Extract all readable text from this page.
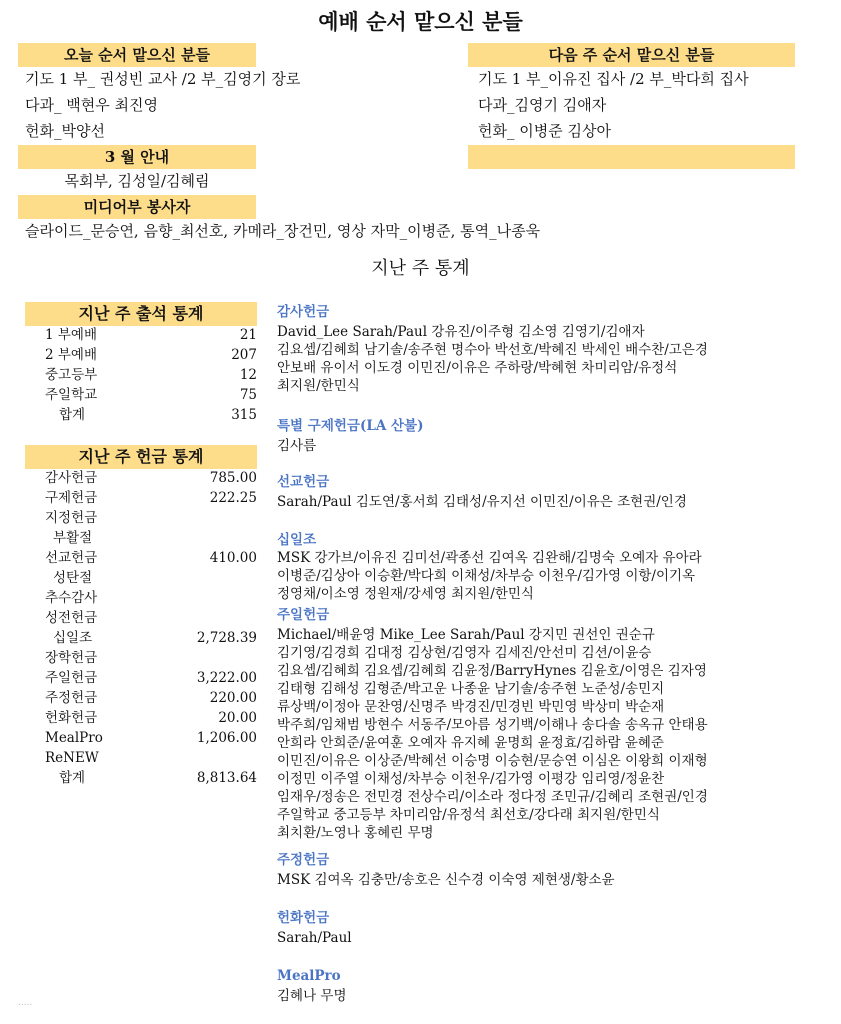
예배 순서 맡으신 분들
오늘 순서 맡으신 분들
기도 1 부_ 권성빈 교사 /2 부_김영기 장로
다과_ 백현우 최진영
헌화_박양선
다음 주 순서 맡으신 분들
기도 1 부_이유진 집사 /2 부_박다희 집사
다과_김영기 김애자
헌화_ 이병준 김상아
3 월 안내
목회부, 김성일/김혜림
미디어부 봉사자
슬라이드_문승연, 음향_최선호, 카메라_장건민, 영상 자막_이병준, 통역_나종욱
지난 주 통계
지난 주 출석 통계
1 부예배	21
2 부예배	207
중고등부	12
주일학교	75
합계	315
지난 주 헌금 통계
감사헌금	785.00
구제헌금	222.25
지정헌금
부활절
선교헌금	410.00
성탄절
추수감사
성전헌금
십일조	2,728.39
장학헌금
주일헌금	3,222.00
주정헌금	220.00
헌화헌금	20.00
MealPro	1,206.00
ReNEW
합계	8,813.64
감사헌금
David_Lee Sarah/Paul 강유진/이주형 김소영 김영기/김애자
김요셉/김혜희 남기솔/송주현 명수아 박선호/박혜진 박세인 배수찬/고은경
안보배 유이서 이도경 이민진/이유은 주하랑/박혜현 차미리암/유정석
최지원/한민식
특별 구제헌금(LA 산불)
김사름
선교헌금
Sarah/Paul 김도연/홍서희 김태성/유지선 이민진/이유은 조현권/인경
십일조
MSK 강가브/이유진 김미선/곽종선 김여옥 김완해/김명숙 오예자 유아라
이병준/김상아 이승환/박다희 이채성/차부승 이천우/김가영 이항/이기옥
정영채/이소영 정원재/강세영 최지원/한민식
주일헌금
Michael/배윤영 Mike_Lee Sarah/Paul 강지민 권선인 권순규
김기영/김경희 김대정 김상현/김영자 김세진/안선미 김션/이윤승
김요셉/김혜희 김요셉/김혜희 김윤정/BarryHynes 김윤호/이영은 김자영
김태형 김해성 김형준/박고운 나종윤 남기솔/송주현 노준성/송민지
류상백/이정아 문찬영/신명주 박경진/민경빈 박민영 박상미 박순재
박주희/임채범 방현수 서동주/모아름 성기백/이해나 송다솔 송옥규 안태용
안희라 안희준/윤여훈 오예자 유지혜 윤명희 윤정효/김하람 윤혜준
이민진/이유은 이상준/박혜선 이승명 이승현/문승연 이심온 이왕희 이재형
이정민 이주열 이채성/차부승 이천우/김가영 이평강 임리영/정윤찬
임재우/정송은 전민경 전상수리/이소라 정다정 조민규/김혜리 조현권/인경
주일학교 중고등부 차미리암/유정석 최선호/강다래 최지원/한민식
최치환/노영나 홍혜린 무명
주정헌금
MSK 김여옥 김충만/송호은 신수경 이숙영 제현생/황소윤
헌화헌금
Sarah/Paul
MealPro
김혜나 무명
.....
